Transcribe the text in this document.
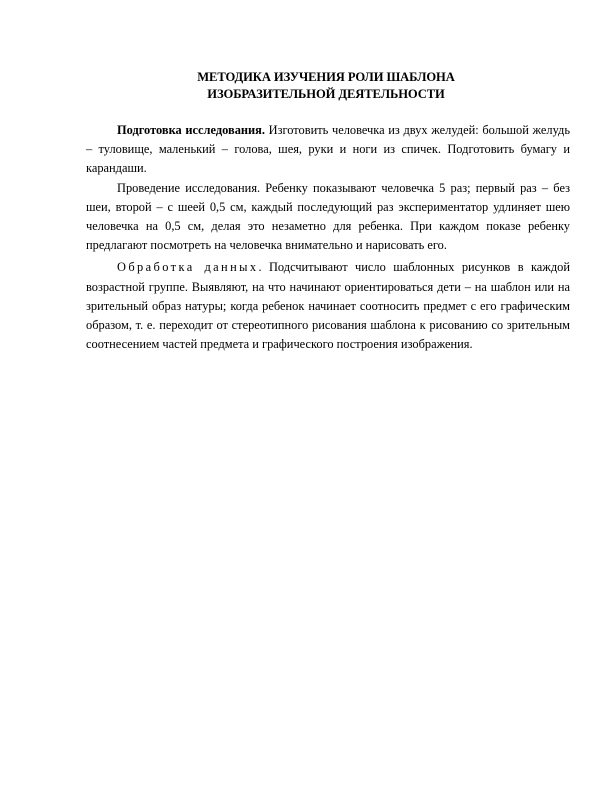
МЕТОДИКА ИЗУЧЕНИЯ РОЛИ ШАБЛОНА
ИЗОБРАЗИТЕЛЬНОЙ ДЕЯТЕЛЬНОСТИ

Подготовка исследования. Изготовить человечка из двух желудей: большой желудь – туловище, маленький – голова, шея, руки и ноги из спичек. Подготовить бумагу и карандаши.

Проведение исследования. Ребенку показывают человечка 5 раз; первый раз – без шеи, второй – с шеей 0,5 см, каждый последующий раз экспериментатор удлиняет шею человечка на 0,5 см, делая это незаметно для ребенка. При каждом показе ребенку предлагают посмотреть на человечка внимательно и нарисовать его.

Обработка данных. Подсчитывают число шаблонных рисунков в каждой возрастной группе. Выявляют, на что начинают ориентироваться дети – на шаблон или на зрительный образ натуры; когда ребенок начинает соотносить предмет с его графическим образом, т. е. переходит от стереотипного рисования шаблона к рисованию со зрительным соотнесением частей предмета и графического построения изображения.
